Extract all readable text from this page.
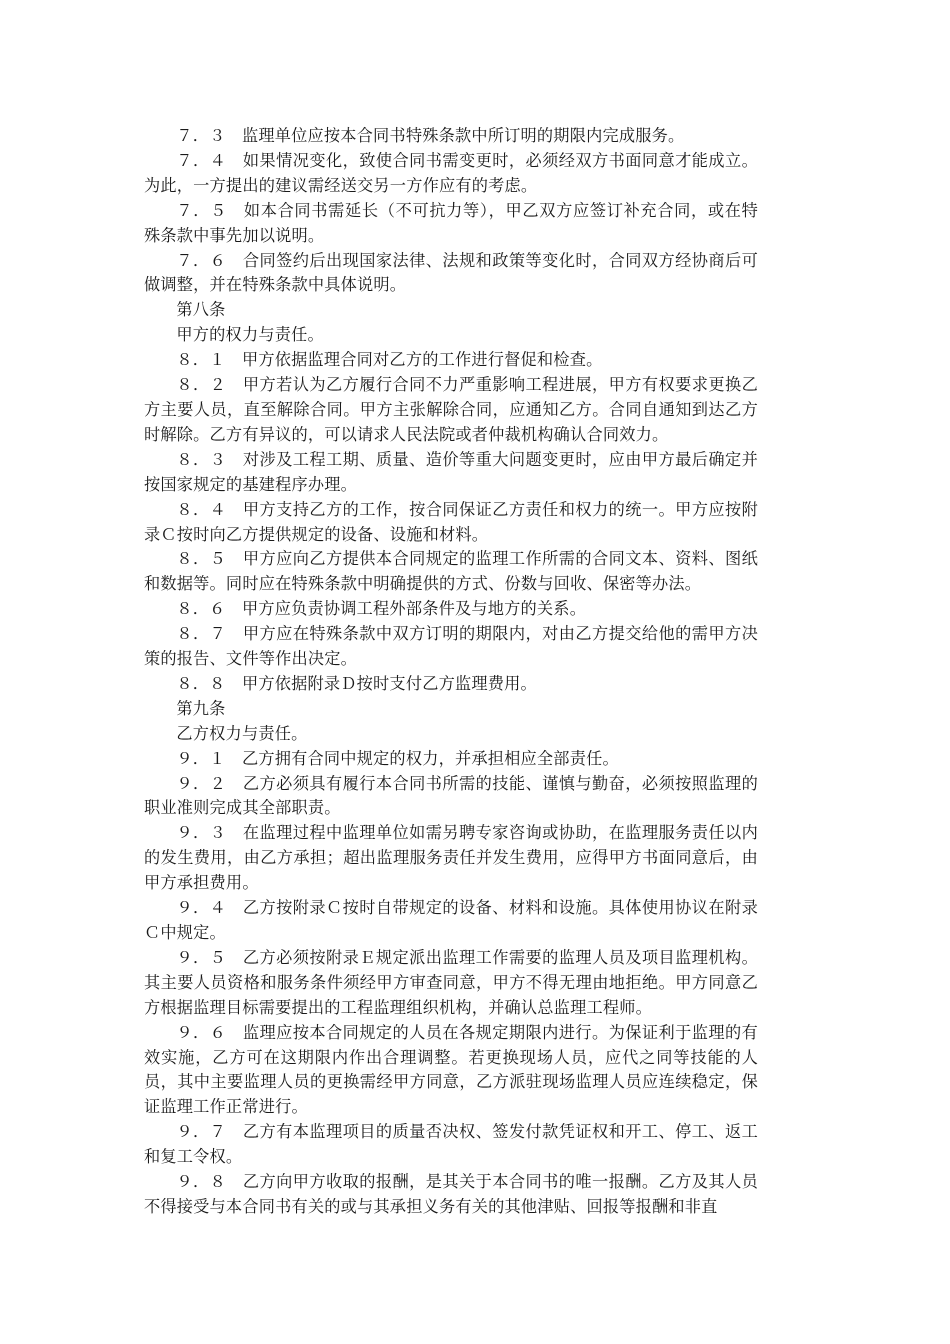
７．３　监理单位应按本合同书特殊条款中所订明的期限内完成服务。

７．４　如果情况变化，致使合同书需变更时，必须经双方书面同意才能成立。为此，一方提出的建议需经送交另一方作应有的考虑。

７．５　如本合同书需延长（不可抗力等），甲乙双方应签订补充合同，或在特殊条款中事先加以说明。

７．６　合同签约后出现国家法律、法规和政策等变化时，合同双方经协商后可做调整，并在特殊条款中具体说明。

第八条

甲方的权力与责任。

８．１　甲方依据监理合同对乙方的工作进行督促和检查。

８．２　甲方若认为乙方履行合同不力严重影响工程进展，甲方有权要求更换乙方主要人员，直至解除合同。甲方主张解除合同，应通知乙方。合同自通知到达乙方时解除。乙方有异议的，可以请求人民法院或者仲裁机构确认合同效力。

８．３　对涉及工程工期、质量、造价等重大问题变更时，应由甲方最后确定并按国家规定的基建程序办理。

８．４　甲方支持乙方的工作，按合同保证乙方责任和权力的统一。甲方应按附录Ｃ按时向乙方提供规定的设备、设施和材料。

８．５　甲方应向乙方提供本合同规定的监理工作所需的合同文本、资料、图纸和数据等。同时应在特殊条款中明确提供的方式、份数与回收、保密等办法。

８．６　甲方应负责协调工程外部条件及与地方的关系。

８．７　甲方应在特殊条款中双方订明的期限内，对由乙方提交给他的需甲方决策的报告、文件等作出决定。

８．８　甲方依据附录Ｄ按时支付乙方监理费用。

第九条

乙方权力与责任。

９．１　乙方拥有合同中规定的权力，并承担相应全部责任。

９．２　乙方必须具有履行本合同书所需的技能、谨慎与勤奋，必须按照监理的职业准则完成其全部职责。

９．３　在监理过程中监理单位如需另聘专家咨询或协助，在监理服务责任以内的发生费用，由乙方承担；超出监理服务责任并发生费用，应得甲方书面同意后，由甲方承担费用。

９．４　乙方按附录Ｃ按时自带规定的设备、材料和设施。具体使用协议在附录Ｃ中规定。

９．５　乙方必须按附录Ｅ规定派出监理工作需要的监理人员及项目监理机构。其主要人员资格和服务条件须经甲方审查同意，甲方不得无理由地拒绝。甲方同意乙方根据监理目标需要提出的工程监理组织机构，并确认总监理工程师。

９．６　监理应按本合同规定的人员在各规定期限内进行。为保证利于监理的有效实施，乙方可在这期限内作出合理调整。若更换现场人员，应代之同等技能的人员，其中主要监理人员的更换需经甲方同意，乙方派驻现场监理人员应连续稳定，保证监理工作正常进行。

９．７　乙方有本监理项目的质量否决权、签发付款凭证权和开工、停工、返工和复工令权。

９．８　乙方向甲方收取的报酬，是其关于本合同书的唯一报酬。乙方及其人员不得接受与本合同书有关的或与其承担义务有关的其他津贴、回报等报酬和非直
